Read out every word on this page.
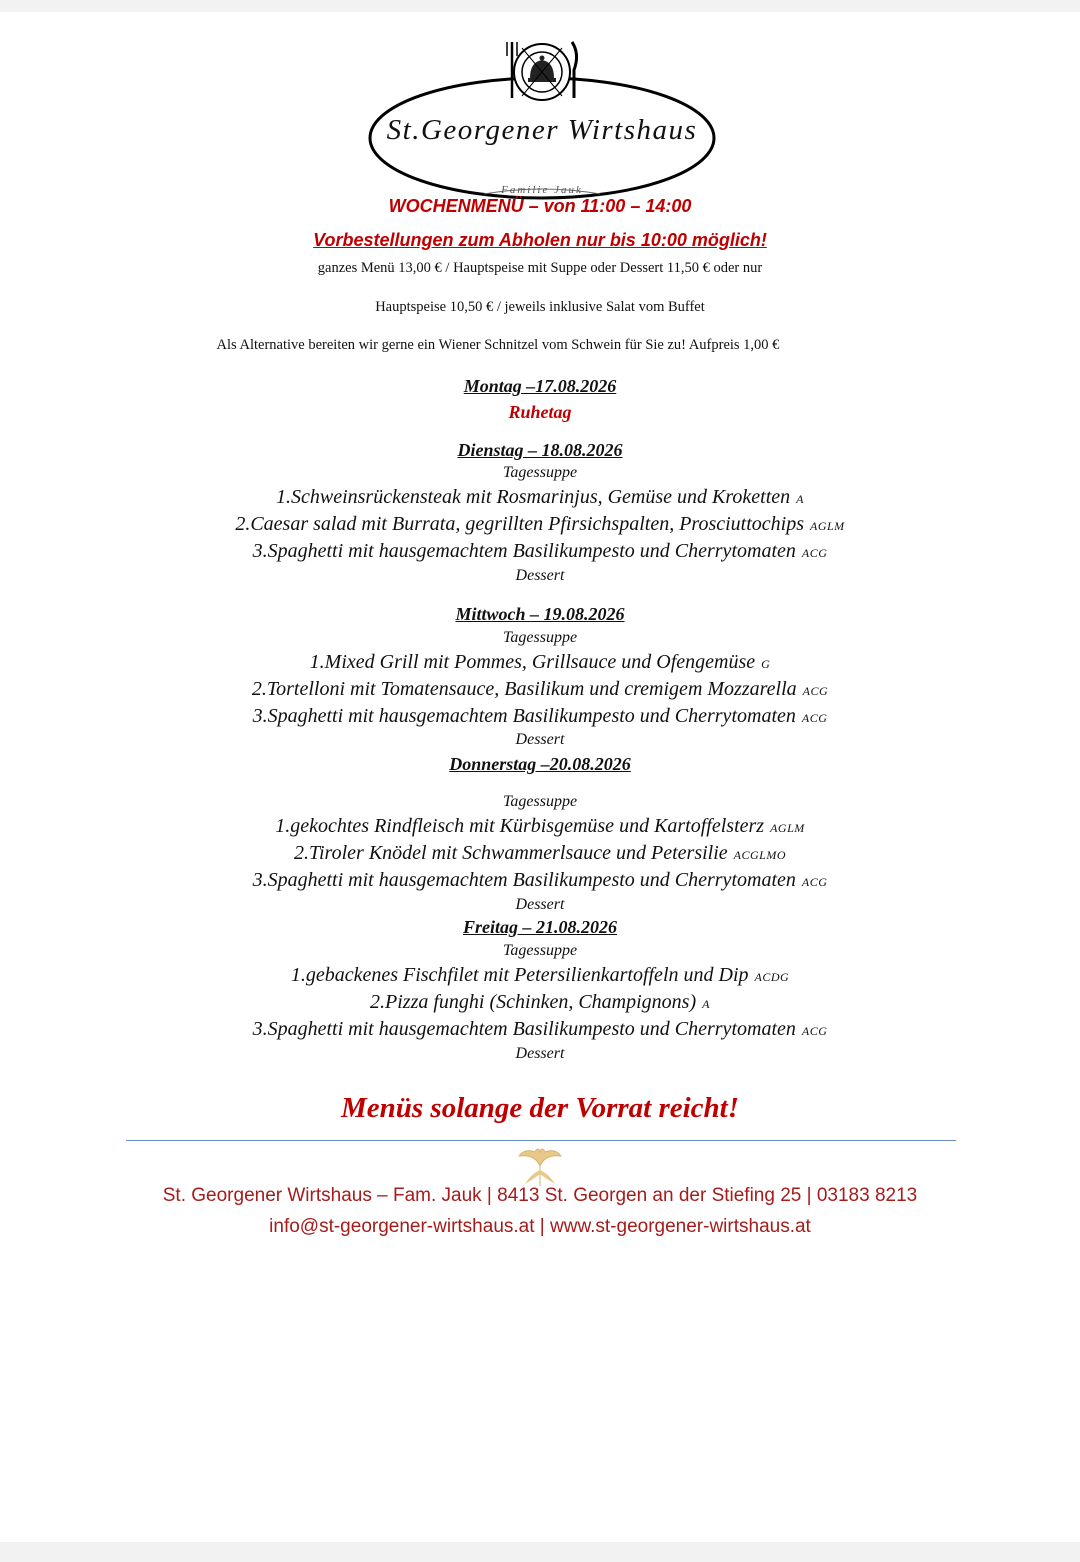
St.Georgener Wirtshaus
Familie Jauk
WOCHENMENÜ – von 11:00 – 14:00
Vorbestellungen zum Abholen nur bis 10:00 möglich!
ganzes Menü 13,00 € / Hauptspeise mit Suppe oder Dessert 11,50 € oder nur
Hauptspeise 10,50 € / jeweils inklusive Salat vom Buffet
Als Alternative bereiten wir gerne ein Wiener Schnitzel vom Schwein für Sie zu! Aufpreis 1,00 €
Montag –17.08.2026
Ruhetag
Dienstag – 18.08.2026
Tagessuppe
1.Schweinsrückensteak mit Rosmarinjus, Gemüse und Kroketten A
2.Caesar salad mit Burrata, gegrillten Pfirsichspalten, Prosciuttochips AGLM
3.Spaghetti mit hausgemachtem Basilikumpesto und Cherrytomaten ACG
Dessert
Mittwoch – 19.08.2026
Tagessuppe
1.Mixed Grill mit Pommes, Grillsauce und Ofengemüse G
2.Tortelloni mit Tomatensauce, Basilikum und cremigem Mozzarella ACG
3.Spaghetti mit hausgemachtem Basilikumpesto und Cherrytomaten ACG
Dessert
Donnerstag –20.08.2026
Tagessuppe
1.gekochtes Rindfleisch mit Kürbisgemüse und Kartoffelsterz AGLM
2.Tiroler Knödel mit Schwammerlsauce und Petersilie ACGLMO
3.Spaghetti mit hausgemachtem Basilikumpesto und Cherrytomaten ACG
Dessert
Freitag – 21.08.2026
Tagessuppe
1.gebackenes Fischfilet mit Petersilienkartoffeln und Dip ACDG
2.Pizza funghi (Schinken, Champignons) A
3.Spaghetti mit hausgemachtem Basilikumpesto und Cherrytomaten ACG
Dessert
Menüs solange der Vorrat reicht!
St. Georgener Wirtshaus – Fam. Jauk | 8413 St. Georgen an der Stiefing 25 | 03183 8213
info@st-georgener-wirtshaus.at | www.st-georgener-wirtshaus.at
